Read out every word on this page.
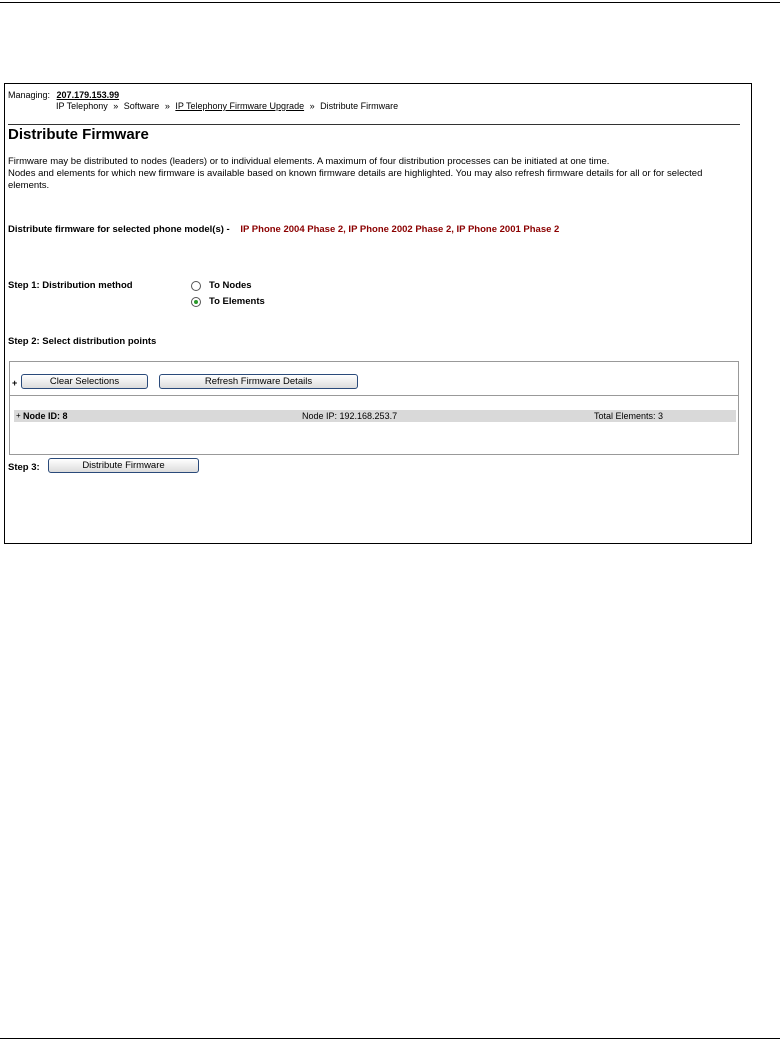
Managing: 207.179.153.99
IP Telephony » Software » IP Telephony Firmware Upgrade » Distribute Firmware
Distribute Firmware
Firmware may be distributed to nodes (leaders) or to individual elements. A maximum of four distribution processes can be initiated at one time.
Nodes and elements for which new firmware is available based on known firmware details are highlighted. You may also refresh firmware details for all or for selected elements.
Distribute firmware for selected phone model(s) - IP Phone 2004 Phase 2, IP Phone 2002 Phase 2, IP Phone 2001 Phase 2
Step 1: Distribution method	To Nodes
To Elements
Step 2: Select distribution points
+	Clear Selections	Refresh Firmware Details
+ Node ID: 8	Node IP: 192.168.253.7	Total Elements: 3
Step 3:	Distribute Firmware
